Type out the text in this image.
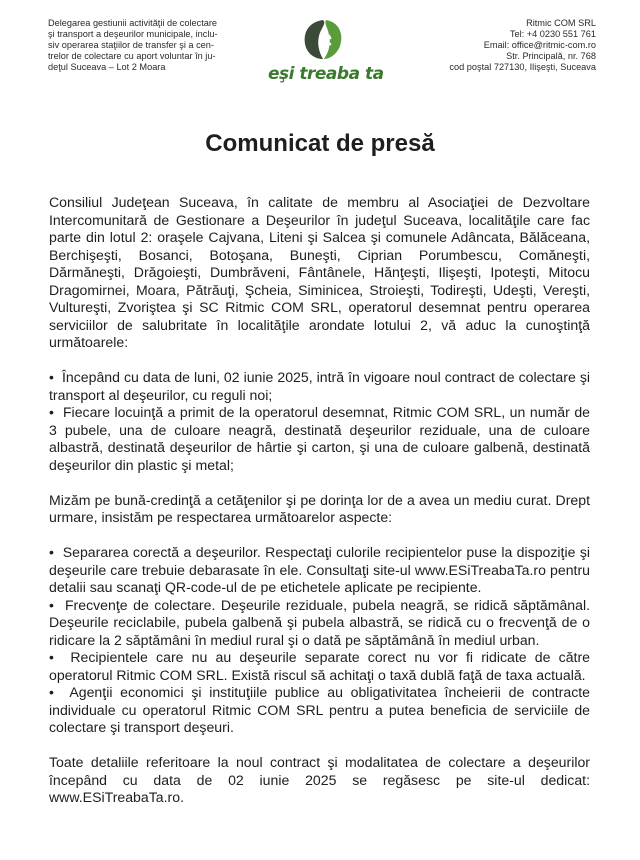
Delegarea gestiunii activităţii de colectare
şi transport a deşeurilor municipale, inclu-
siv operarea staţiilor de transfer şi a cen-
trelor de colectare cu aport voluntar în ju-
deţul Suceava – Lot 2 Moara	eşi treaba ta
Ritmic COM SRL
Tel: +4 0230 551 761
Email: office@ritmic-com.ro
Str. Principală, nr. 768
cod poştal 727130, Ilişeşti, Suceava
Comunicat de presă

Consiliul Judeţean Suceava, în calitate de membru al Asociaţiei de Dezvoltare Intercomunitară de Gestionare a Deşeurilor în judeţul Suceava, localităţile care fac parte din lotul 2: oraşele Cajvana, Liteni şi Salcea şi comunele Adâncata, Bălăceana, Berchişeşti, Bosanci, Botoşana, Buneşti, Ciprian Porumbescu, Comăneşti, Dărmăneşti, Drăgoieşti, Dumbrăveni, Fântânele, Hănţeşti, Ilişeşti, Ipoteşti, Mitocu Dragomirnei, Moara, Pătrăuţi, Şcheia, Siminicea, Stroieşti, Todireşti, Udeşti, Vereşti, Vultureşti, Zvoriştea şi SC Ritmic COM SRL, operatorul desemnat pentru operarea serviciilor de salubritate în localităţile arondate lotului 2, vă aduc la cunoştinţă următoarele:

•  Începând cu data de luni, 02 iunie 2025, intră în vigoare noul contract de colectare şi transport al deşeurilor, cu reguli noi;

•  Fiecare locuinţă a primit de la operatorul desemnat, Ritmic COM SRL, un număr de 3 pubele, una de culoare neagră, destinată deşeurilor reziduale, una de culoare albastră, destinată deşeurilor de hârtie şi carton, şi una de culoare galbenă, destinată deşeurilor din plastic şi metal;

Mizăm pe bună-credinţă a cetăţenilor şi pe dorinţa lor de a avea un mediu curat. Drept urmare, insistăm pe respectarea următoarelor aspecte:

•  Separarea corectă a deşeurilor. Respectaţi culorile recipientelor puse la dispoziţie şi deşeurile care trebuie debarasate în ele. Consultaţi site-ul www.ESiTreabaTa.ro pentru detalii sau scanaţi QR-code-ul de pe etichetele aplicate pe recipiente.

•  Frecvenţe de colectare. Deşeurile reziduale, pubela neagră, se ridică săptămânal. Deşeurile reciclabile, pubela galbenă şi pubela albastră, se ridică cu o frecvenţă de o ridicare la 2 săptămâni în mediul rural şi o dată pe săptămână în mediul urban.

•  Recipientele care nu au deşeurile separate corect nu vor fi ridicate de către operatorul Ritmic COM SRL. Există riscul să achitaţi o taxă dublă faţă de taxa actuală.

•  Agenţii economici şi instituţiile publice au obligativitatea încheierii de contracte individuale cu operatorul Ritmic COM SRL pentru a putea beneficia de serviciile de colectare şi transport deşeuri.

Toate detaliile referitoare la noul contract şi modalitatea de colectare a deşeurilor începând cu data de 02 iunie 2025 se regăsesc pe site-ul dedicat: www.ESiTreabaTa.ro.
